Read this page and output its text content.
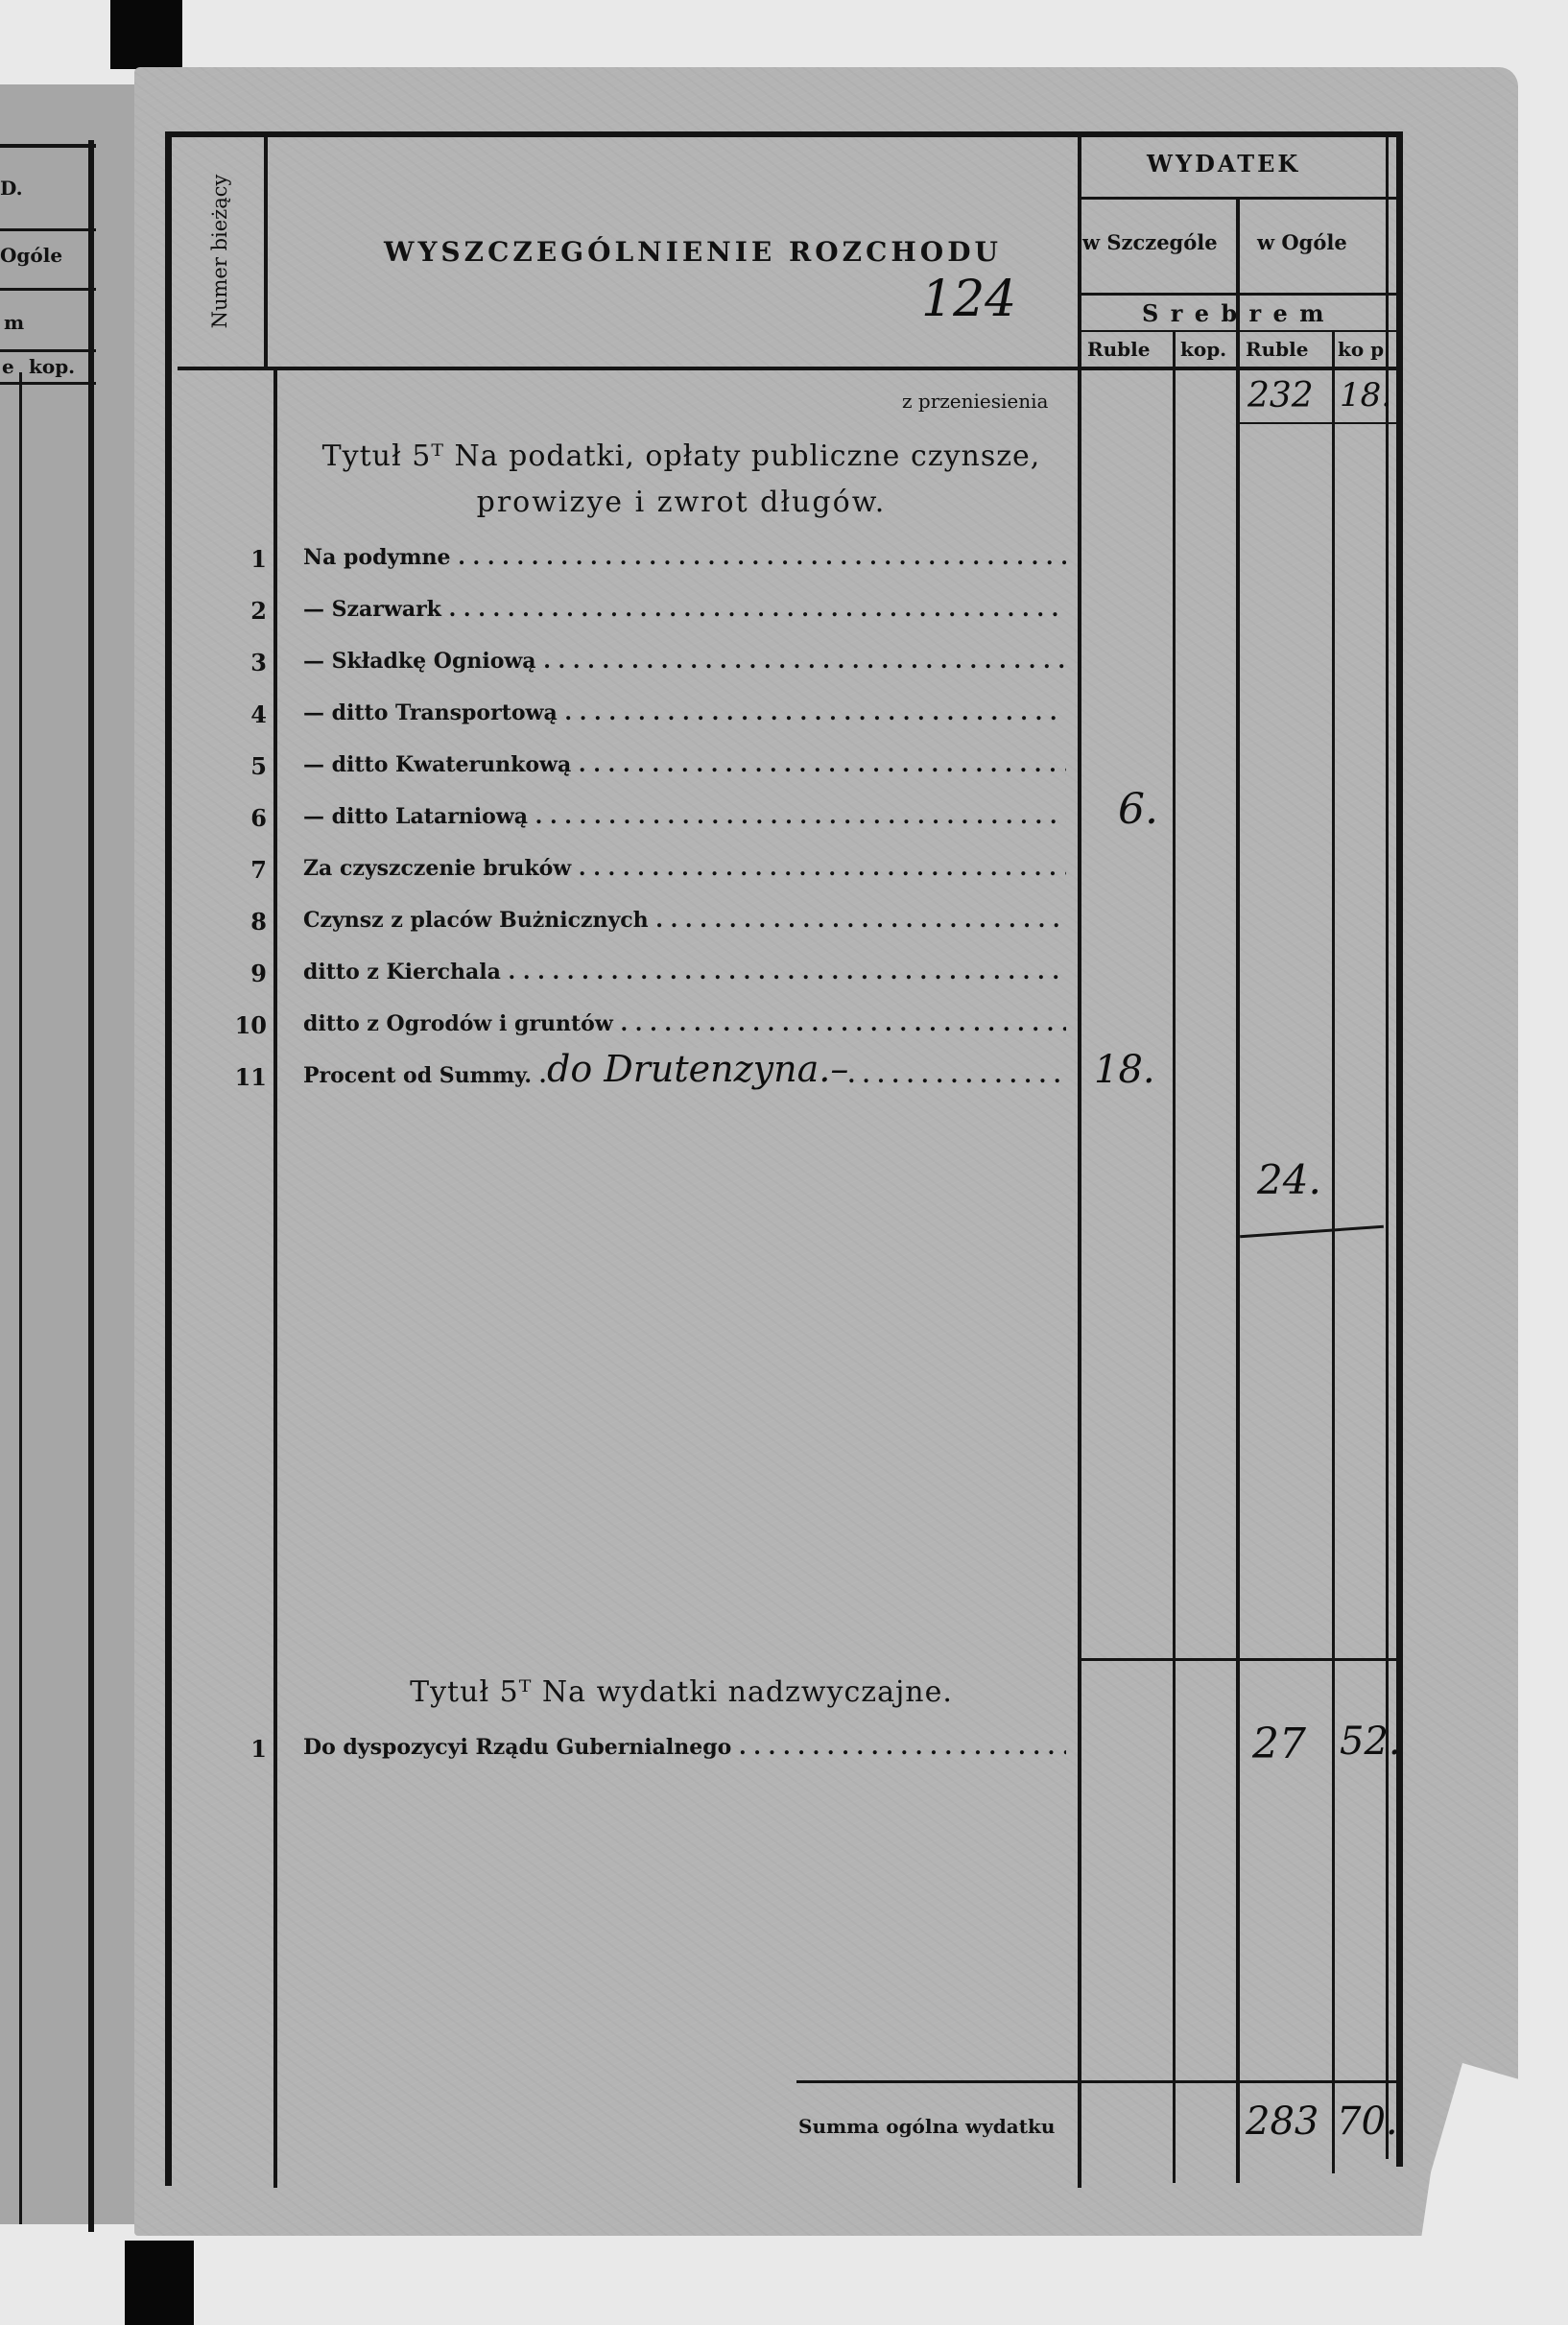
D.
Ogóle
m
e kop.
Numer bieżący	WYSZCZEGÓLNIENIE ROZCHODU
124
WYDATEK
w Szczególe w Ogóle
S r e b r e m
Ruble kop. Ruble ko p
z przeniesienia	232 18.
Tytuł 5ᵀ Na podatki, opłaty publiczne czynsze,
prowizye i zwrot długów.
1 Na podymne . . .
2 — Szarwark . . .
3 — Składkę Ogniową . . .
4 — ditto Transportową . . .
5 — ditto Kwaterunkową . . .
6 — ditto Latarniową . . .	6.
7 Za czyszczenie bruków . . .
8 Czynsz z placów Bużnicznych . . .
9 ditto z Kierchala . . .
10 ditto z Ogrodów i gruntów . . .
11 Procent od Summy. . . . do Drutenzyna.–	18.
24.
Tytuł 5ᵀ Na wydatki nadzwyczajne.
1 Do dyspozycyi Rządu Gubernialnego . . .	27 52.
Summa ogólna wydatku	283 70.
